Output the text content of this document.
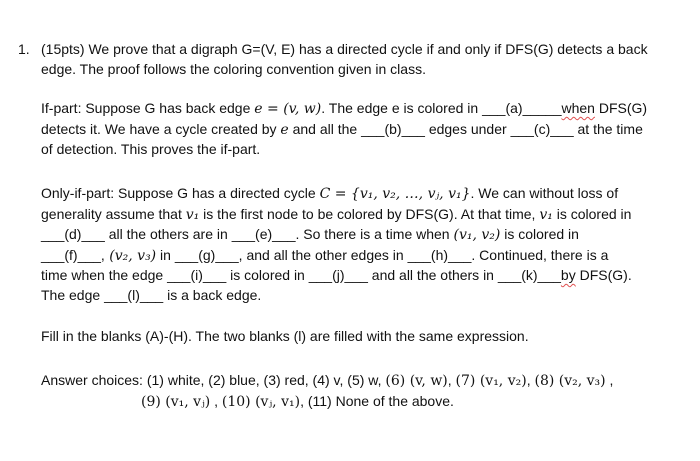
1. (15pts) We prove that a digraph G=(V, E) has a directed cycle if and only if DFS(G) detects a back
edge. The proof follows the coloring convention given in class.
If-part: Suppose G has back edge e = (v, w). The edge e is colored in ___(a)_____when DFS(G)
detects it. We have a cycle created by e and all the ___(b)___ edges under ___(c)___ at the time
of detection. This proves the if-part.
Only-if-part: Suppose G has a directed cycle C = {v₁, v₂, …, vⱼ, v₁}. We can without loss of
generality assume that v₁ is the first node to be colored by DFS(G). At that time, v₁ is colored in
___(d)___ all the others are in ___(e)___. So there is a time when (v₁, v₂) is colored in
___(f)___, (v₂, v₃) in ___(g)___, and all the other edges in ___(h)___. Continued, there is a
time when the edge ___(i)___ is colored in ___(j)___ and all the others in ___(k)___by DFS(G).
The edge ___(l)___ is a back edge.
Fill in the blanks (A)-(H). The two blanks (l) are filled with the same expression.
Answer choices: (1) white, (2) blue, (3) red, (4) v, (5) w, (6) (v, w), (7) (v₁, v₂), (8) (v₂, v₃) ,
(9) (v₁, vⱼ) , (10) (vⱼ, v₁), (11) None of the above.
